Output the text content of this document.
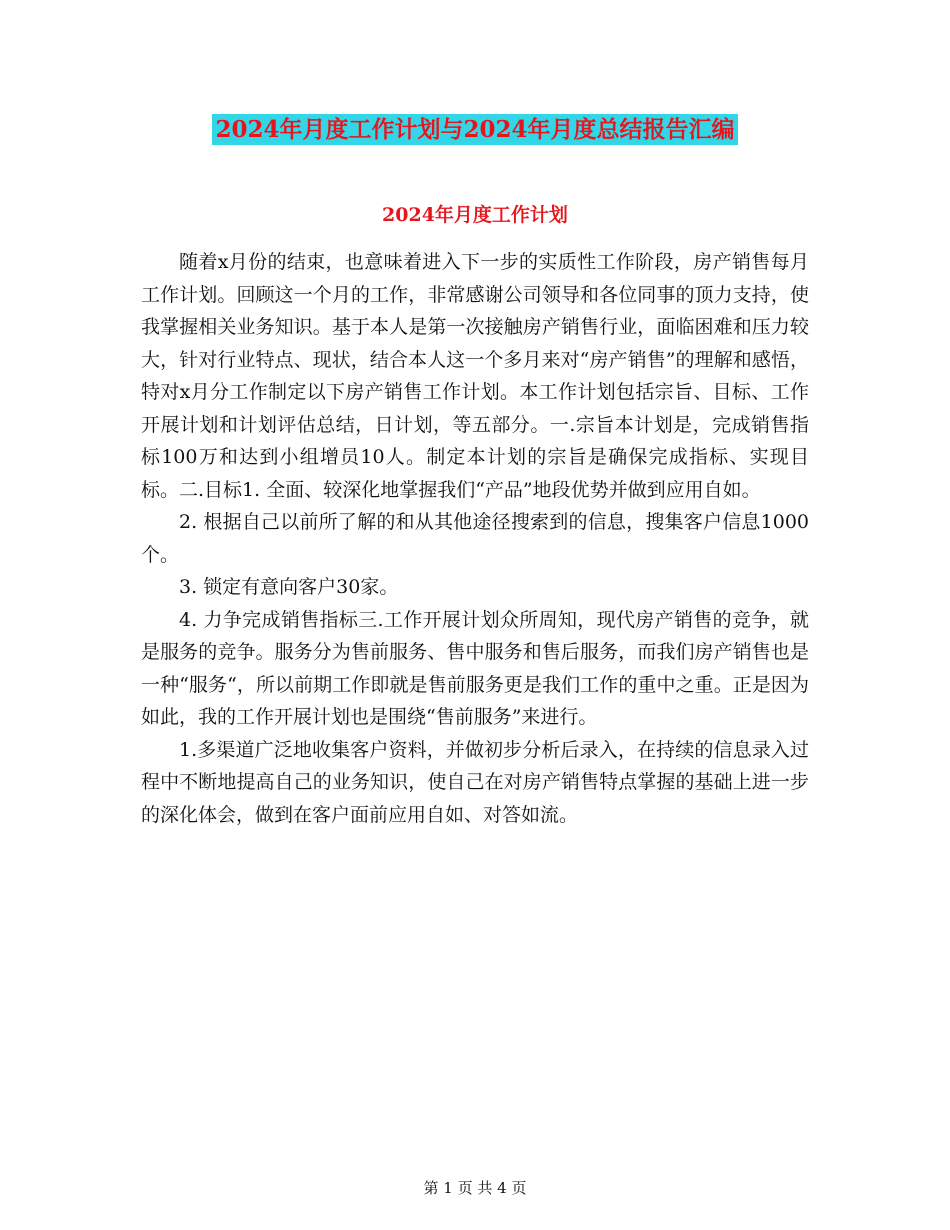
2024年月度工作计划与2024年月度总结报告汇编
2024年月度工作计划

随着x月份的结束，也意味着进入下一步的实质性工作阶段，房产销售每月工作计划。回顾这一个月的工作，非常感谢公司领导和各位同事的顶力支持，使我掌握相关业务知识。基于本人是第一次接触房产销售行业，面临困难和压力较大，针对行业特点、现状，结合本人这一个多月来对“房产销售”的理解和感悟，特对x月分工作制定以下房产销售工作计划。本工作计划包括宗旨、目标、工作开展计划和计划评估总结，日计划，等五部分。一.宗旨本计划是，完成销售指标100万和达到小组增员10人。制定本计划的宗旨是确保完成指标、实现目标。二.目标1. 全面、较深化地掌握我们“产品”地段优势并做到应用自如。

2. 根据自己以前所了解的和从其他途径搜索到的信息，搜集客户信息1000个。

3. 锁定有意向客户30家。

4. 力争完成销售指标三.工作开展计划众所周知，现代房产销售的竞争，就是服务的竞争。服务分为售前服务、售中服务和售后服务，而我们房产销售也是一种“服务“，所以前期工作即就是售前服务更是我们工作的重中之重。正是因为如此，我的工作开展计划也是围绕“售前服务”来进行。

1.多渠道广泛地收集客户资料，并做初步分析后录入，在持续的信息录入过程中不断地提高自己的业务知识，使自己在对房产销售特点掌握的基础上进一步的深化体会，做到在客户面前应用自如、对答如流。

第 1 页 共 4 页
